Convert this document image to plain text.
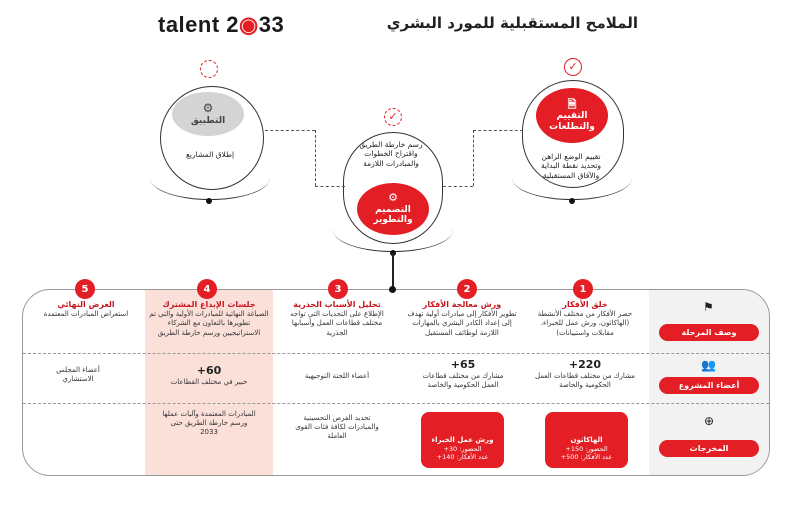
talent 2◉33	الملامح المستقبلية للمورد البشري
✓
🗎
التقييم والتطلعات
تقييم الوضع الراهن وتحديد نقطة البداية والآفاق المستقبلية
✓
رسم خارطة الطريق واقتراح الخطوات والمبادرات اللازمة
⚙
التصميم والتطوير
⚙
التطبيق
إطلاق المشاريع
⚑
وصف المرحلة
👥
أعضاء المشروع
⊕
المخرجات
خلق الأفكار
حصر الأفكار من مختلف الأنشطة (الهاكاثون، ورش عمل للخبراء، مقابلات واستبيانات)
220+
مشارك من مختلف قطاعات العمل الحكومية والخاصة
الهاكاثون
الحضور: 150+
عدد الأفكار: 500+
ورش معالجة الأفكار
تطوير الأفكار إلى مبادرات أولية تهدف إلى إعداد الكادر البشري بالمهارات اللازمة لوظائف المستقبل
65+
مشارك من مختلف قطاعات العمل الحكومية والخاصة
ورش عمل الخبراء
الحضور: 30+
عدد الأفكار: 140+
تحليل الأسباب الجذرية
الإطلاع على التحديات التي تواجه مختلف قطاعات العمل وأسبابها الجذرية
أعضاء اللجنة التوجيهية
تحديد الفرص التحسينية والمبادرات لكافة فئات القوى العاملة
جلسات الإبداع المشترك
الصياغة النهائية للمبادرات الأولية والتي تم تطويرها بالتعاون مع الشركاء الاستراتيجيين ورسم خارطة الطريق
60+
خبير في مختلف القطاعات
المبادرات المعتمدة وآليات عملها ورسم خارطة الطريق حتى 2033
العرض النهائي
استعراض المبادرات المعتمدة
أعضاء المجلس الاستشاري
1
2
3
4
5
